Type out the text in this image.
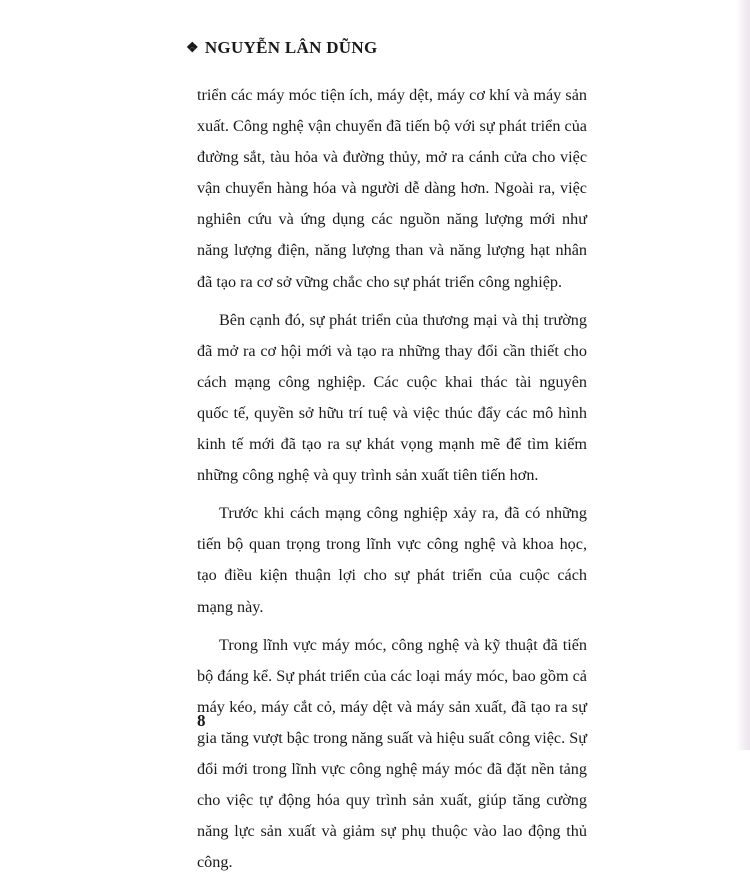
❖ NGUYỄN LÂN DŨNG

triển các máy móc tiện ích, máy dệt, máy cơ khí và máy sản xuất. Công nghệ vận chuyển đã tiến bộ với sự phát triển của đường sắt, tàu hỏa và đường thủy, mở ra cánh cửa cho việc vận chuyển hàng hóa và người dễ dàng hơn. Ngoài ra, việc nghiên cứu và ứng dụng các nguồn năng lượng mới như năng lượng điện, năng lượng than và năng lượng hạt nhân đã tạo ra cơ sở vững chắc cho sự phát triển công nghiệp.

Bên cạnh đó, sự phát triển của thương mại và thị trường đã mở ra cơ hội mới và tạo ra những thay đổi cần thiết cho cách mạng công nghiệp. Các cuộc khai thác tài nguyên quốc tế, quyền sở hữu trí tuệ và việc thúc đẩy các mô hình kinh tế mới đã tạo ra sự khát vọng mạnh mẽ để tìm kiếm những công nghệ và quy trình sản xuất tiên tiến hơn.

Trước khi cách mạng công nghiệp xảy ra, đã có những tiến bộ quan trọng trong lĩnh vực công nghệ và khoa học, tạo điều kiện thuận lợi cho sự phát triển của cuộc cách mạng này.

Trong lĩnh vực máy móc, công nghệ và kỹ thuật đã tiến bộ đáng kể. Sự phát triển của các loại máy móc, bao gồm cả máy kéo, máy cắt cỏ, máy dệt và máy sản xuất, đã tạo ra sự gia tăng vượt bậc trong năng suất và hiệu suất công việc. Sự đổi mới trong lĩnh vực công nghệ máy móc đã đặt nền tảng cho việc tự động hóa quy trình sản xuất, giúp tăng cường năng lực sản xuất và giảm sự phụ thuộc vào lao động thủ công.

8
